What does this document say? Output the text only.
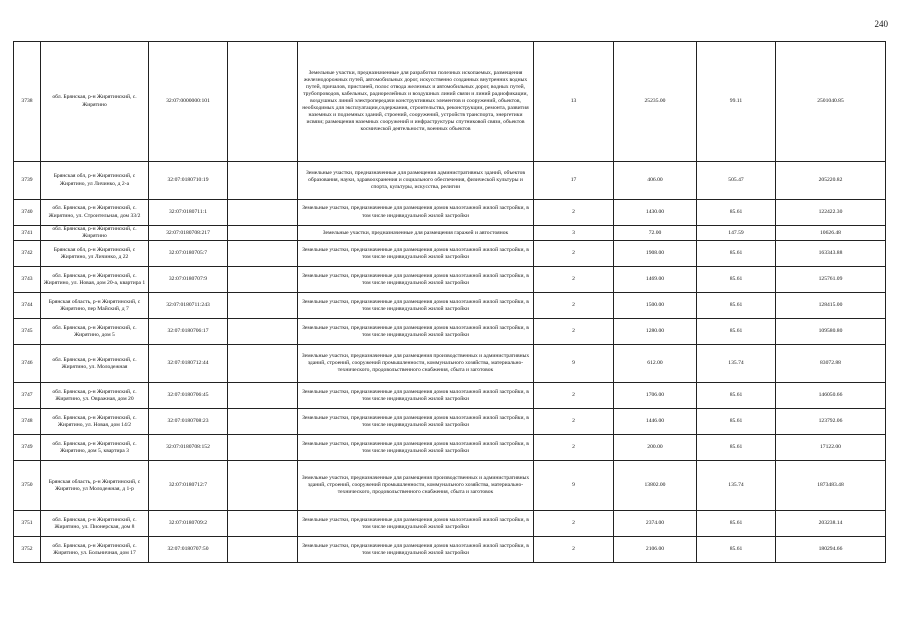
240
3738	обл. Брянская, р-н Жирятинский, с. Жирятино	32:07:0000000:101		Земельные участки, предназначенные для разработки полезных ископаемых, размещения железнодорожных путей, автомобильных дорог, искусственно созданных внутренних водных путей, причалов, пристаней, полос отвода железных и автомобильных дорог, водных путей, трубопроводов, кабельных, радиорелейных и воздушных линий связи и линий радиофикации, воздушных линий электропередачи конструктивных элементов и сооружений, объектов, необходимых для эксплуатации,содержания, строительства, реконструкции, ремонта, развития наземных и подземных зданий, строений, сооружений, устройств транспорта, энергетики исвязи; размещения наземных сооружений и инфраструктуры спутниковой связи, объектов космической деятельности, военных объектов	13	25235.00	99.11	2501040.85
3739	Брянская обл, р-н Жирятинский, с Жирятино, ул Личинко, д 2-а	32:07:0180710:19		Земельные участки, предназначенные для размещения административных зданий, объектов образования, науки, здравоохранения и социального обеспечения, физической культуры и спорта, культуры, искусства, религии	17	406.00	505.47	205220.82
3740	обл. Брянская, р-н Жирятинский, с. Жирятино, ул. Строительная, дом 33/2	32:07:0180711:1		Земельные участки, предназначенные для размещения домов малоэтажной жилой застройки, в том числе индивидуальной жилой застройки	2	1430.00	85.61	122422.30
3741	обл. Брянская, р-н Жирятинский, с. Жирятино	32:07:0180708:217		Земельные участки, предназначенные для размещения гаражей и автостоянок	3	72.00	147.59	10626.48
3742	Брянская обл, р-н Жирятинский, с Жирятино, ул Личинко, д 22	32:07:0180705:7		Земельные участки, предназначенные для размещения домов малоэтажной жилой застройки, в том числе индивидуальной жилой застройки	2	1908.00	85.61	163343.88
3743	обл. Брянская, р-н Жирятинский, с. Жирятино, ул. Новая, дом 20-а, квартира 1	32:07:0180707:9		Земельные участки, предназначенные для размещения домов малоэтажной жилой застройки, в том числе индивидуальной жилой застройки	2	1469.00	85.61	125761.09
3744	Брянская область, р-н Жирятинский, с Жирятино, пер Майский, д 7	32:07:0180711:243		Земельные участки, предназначенные для размещения домов малоэтажной жилой застройки, в том числе индивидуальной жилой застройки	2	1500.00	85.61	128415.00
3745	обл. Брянская, р-н Жирятинский, с. Жирятино, дом 5	32:07:0180706:17		Земельные участки, предназначенные для размещения домов малоэтажной жилой застройки, в том числе индивидуальной жилой застройки	2	1280.00	85.61	109580.80
3746	обл. Брянская, р-н Жирятинский, с. Жирятино, ул. Молодежная	32:07:0180712:44		Земельные участки, предназначенные для размещения производственных и административных зданий, строений, сооружений промышленности, коммунального хозяйства, материально-технического, продовольственного снабжения, сбыта и заготовок	9	612.00	135.74	83072.88
3747	обл. Брянская, р-н Жирятинский, с. Жирятино, ул. Овражная, дом 20	32:07:0180706:45		Земельные участки, предназначенные для размещения домов малоэтажной жилой застройки, в том числе индивидуальной жилой застройки	2	1706.00	85.61	146050.66
3748	обл. Брянская, р-н Жирятинский, с. Жирятино, ул. Новая, дом 14/2	32:07:0180708:23		Земельные участки, предназначенные для размещения домов малоэтажной жилой застройки, в том числе индивидуальной жилой застройки	2	1446.00	85.61	123792.06
3749	обл. Брянская, р-н Жирятинский, с. Жирятино, дом 5, квартира 3	32:07:0180708:152		Земельные участки, предназначенные для размещения домов малоэтажной жилой застройки, в том числе индивидуальной жилой застройки	2	200.00	85.61	17122.00
3750	Брянская область, р-н Жирятинский, с Жирятино, ул Молодежная, д 1-р	32:07:0180712:7		Земельные участки, предназначенные для размещения производственных и административных зданий, строений, сооружений промышленности, коммунального хозяйства, материально-технического, продовольственного снабжения, сбыта и заготовок	9	13802.00	135.74	1873483.48
3751	обл. Брянская, р-н Жирятинский, с. Жирятино, ул. Пионерская, дом 8	32:07:0180709:2		Земельные участки, предназначенные для размещения домов малоэтажной жилой застройки, в том числе индивидуальной жилой застройки	2	2374.00	85.61	203238.14
3752	обл. Брянская, р-н Жирятинский, с. Жирятино, ул. Больничная, дом 17	32:07:0180707:50		Земельные участки, предназначенные для размещения домов малоэтажной жилой застройки, в том числе индивидуальной жилой застройки	2	2106.00	85.61	180294.66
